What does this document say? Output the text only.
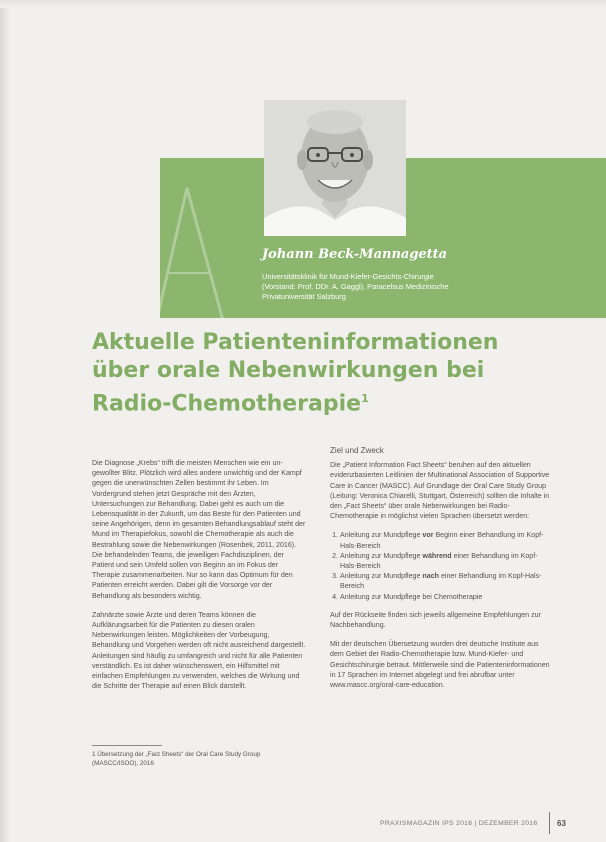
Johann Beck-Mannagetta

Universitätsklinik für Mund-Kiefer-Gesichts-Chirurgie
(Vorstand: Prof. DDr. A. Gaggl), Paracelsus Medizinische
Privatuniversität Salzburg

Aktuelle Patienteninformationen
über orale Nebenwirkungen bei
Radio-Chemotherapie$^1$

Die Diagnose „Krebs“ trifft die meisten Menschen wie ein un-gewollter Blitz. Plötzlich wird alles andere unwichtig und der Kampf gegen die unerwünschten Zellen bestimmt ihr Leben. Im Vordergrund stehen jetzt Gespräche mit den Ärzten, Untersuchungen zur Behandlung. Dabei geht es auch um die Lebensqualität in der Zukunft, um das Beste für den Patienten und seine Angehörigen, denn im gesamten Behandlungsablauf steht der Mund im Therapiefokus, sowohl die Chemotherapie als auch die Bestrahlung sowie die Nebenwirkungen (Rosenbek, 2011, 2016). Die behandelnden Teams, die jeweiligen Fachdisziplinen, der Patient und sein Umfeld sollen von Beginn an im Fokus der Therapie zusammenarbeiten. Nur so kann das Optimum für den Patienten erreicht werden. Dabei gilt die Vorsorge vor der Behandlung als besonders wichtig.

Zahnärzte sowie Ärzte und deren Teams können die Aufklärungsarbeit für die Patienten zu diesen oralen Nebenwirkungen leisten. Möglichkeiten der Vorbeugung, Behandlung und Vorgehen werden oft nicht ausreichend dargestellt. Anleitungen sind häufig zu umfangreich und nicht für alle Patienten verständlich. Es ist daher wünschenswert, ein Hilfsmittel mit einfachen Empfehlungen zu verwenden, welches die Wirkung und die Schritte der Therapie auf einen Blick darstellt.

Ziel und Zweck

Die „Patient Information Fact Sheets“ beruhen auf den aktuellen evidenzbasierten Leitlinien der Multinational Association of Supportive Care in Cancer (MASCC). Auf Grundlage der Oral Care Study Group (Leitung: Veronica Chiarelli, Stuttgart, Österreich) sollten die Inhalte in den „Fact Sheets“ über orale Nebenwirkungen bei Radio-Chemotherapie in möglichst vielen Sprachen übersetzt werden:

1. Anleitung zur Mundpflege vor Beginn einer Behandlung im Kopf-Hals-Bereich
2. Anleitung zur Mundpflege während einer Behandlung im Kopf-Hals-Bereich
3. Anleitung zur Mundpflege nach einer Behandlung im Kopf-Hals-Bereich
4. Anleitung zur Mundpflege bei Chemotherapie

Auf der Rückseite finden sich jeweils allgemeine Empfehlungen zur Nachbehandlung.

Mit der deutschen Übersetzung wurden drei deutsche Institute aus dem Gebiet der Radio-Chemotherapie bzw. Mund-Kiefer- und Gesichtschirurgie betraut. Mittlerweile sind die Patienteninformationen in 17 Sprachen im Internet abgelegt und frei abrufbar unter www.mascc.org/oral-care-education.

1 Übersetzung der „Fact Sheets“ der Oral Care Study Group (MASCC/ISOO), 2016

PRAXISMAGAZIN IPS 2016 | DEZEMBER 2016 63
